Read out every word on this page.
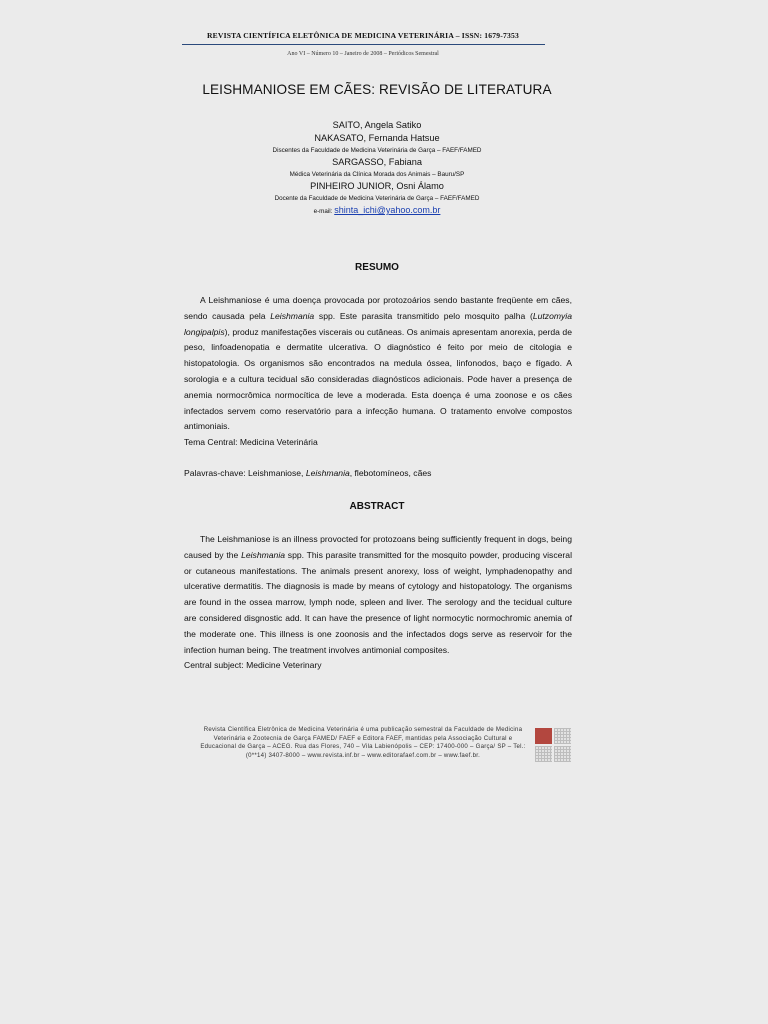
REVISTA CIENTÍFICA ELETÔNICA DE MEDICINA VETERINÁRIA – ISSN: 1679-7353
Ano VI – Número 10 – Janeiro de 2008 – Periódicos Semestral
LEISHMANIOSE EM CÃES: REVISÃO DE LITERATURA
SAITO, Angela Satiko
NAKASATO, Fernanda Hatsue
Discentes da Faculdade de Medicina Veterinária de Garça – FAEF/FAMED
SARGASSO, Fabiana
Médica Veterinária da Clínica Morada dos Animais – Bauru/SP
PINHEIRO JUNIOR, Osni Álamo
Docente da Faculdade de Medicina Veterinária de Garça – FAEF/FAMED
e-mail: shinta_ichi@yahoo.com.br
RESUMO

A Leishmaniose é uma doença provocada por protozoários sendo bastante freqüente em cães, sendo causada pela Leishmania spp. Este parasita transmitido pelo mosquito palha (Lutzomyia longipalpis), produz manifestações viscerais ou cutâneas. Os animais apresentam anorexia, perda de peso, linfoadenopatia e dermatite ulcerativa. O diagnóstico é feito por meio de citologia e histopatologia. Os organismos são encontrados na medula óssea, linfonodos, baço e fígado. A sorologia e a cultura tecidual são consideradas diagnósticos adicionais. Pode haver a presença de anemia normocrômica normocítica de leve a moderada. Esta doença é uma zoonose e os cães infectados servem como reservatório para a infecção humana. O tratamento envolve compostos antimoniais.

Tema Central: Medicina Veterinária

Palavras-chave: Leishmaniose, Leishmania, flebotomíneos, cães

ABSTRACT

The Leishmaniose is an illness provocted for protozoans being sufficiently frequent in dogs, being caused by the Leishmania spp. This parasite transmitted for the mosquito powder, producing visceral or cutaneous manifestations. The animals present anorexy, loss of weight, lymphadenopathy and ulcerative dermatitis. The diagnosis is made by means of cytology and histopatology. The organisms are found in the ossea marrow, lymph node, spleen and liver. The serology and the tecidual culture are considered disgnostic add. It can have the presence of light normocytic normochromic anemia of the moderate one. This illness is one zoonosis and the infectados dogs serve as reservoir for the infection human being. The treatment involves antimonial composites.

Central subject: Medicine Veterinary

Revista Científica Eletrônica de Medicina Veterinária é uma publicação semestral da Faculdade de Medicina Veterinária e Zootecnia de Garça FAMED/ FAEF e Editora FAEF, mantidas pela Associação Cultural e Educacional de Garça – ACEG. Rua das Flores, 740 – Vila Labienópolis – CEP: 17400-000 – Garça/ SP – Tel.: (0**14) 3407-8000 – www.revista.inf.br – www.editorafaef.com.br – www.faef.br.
